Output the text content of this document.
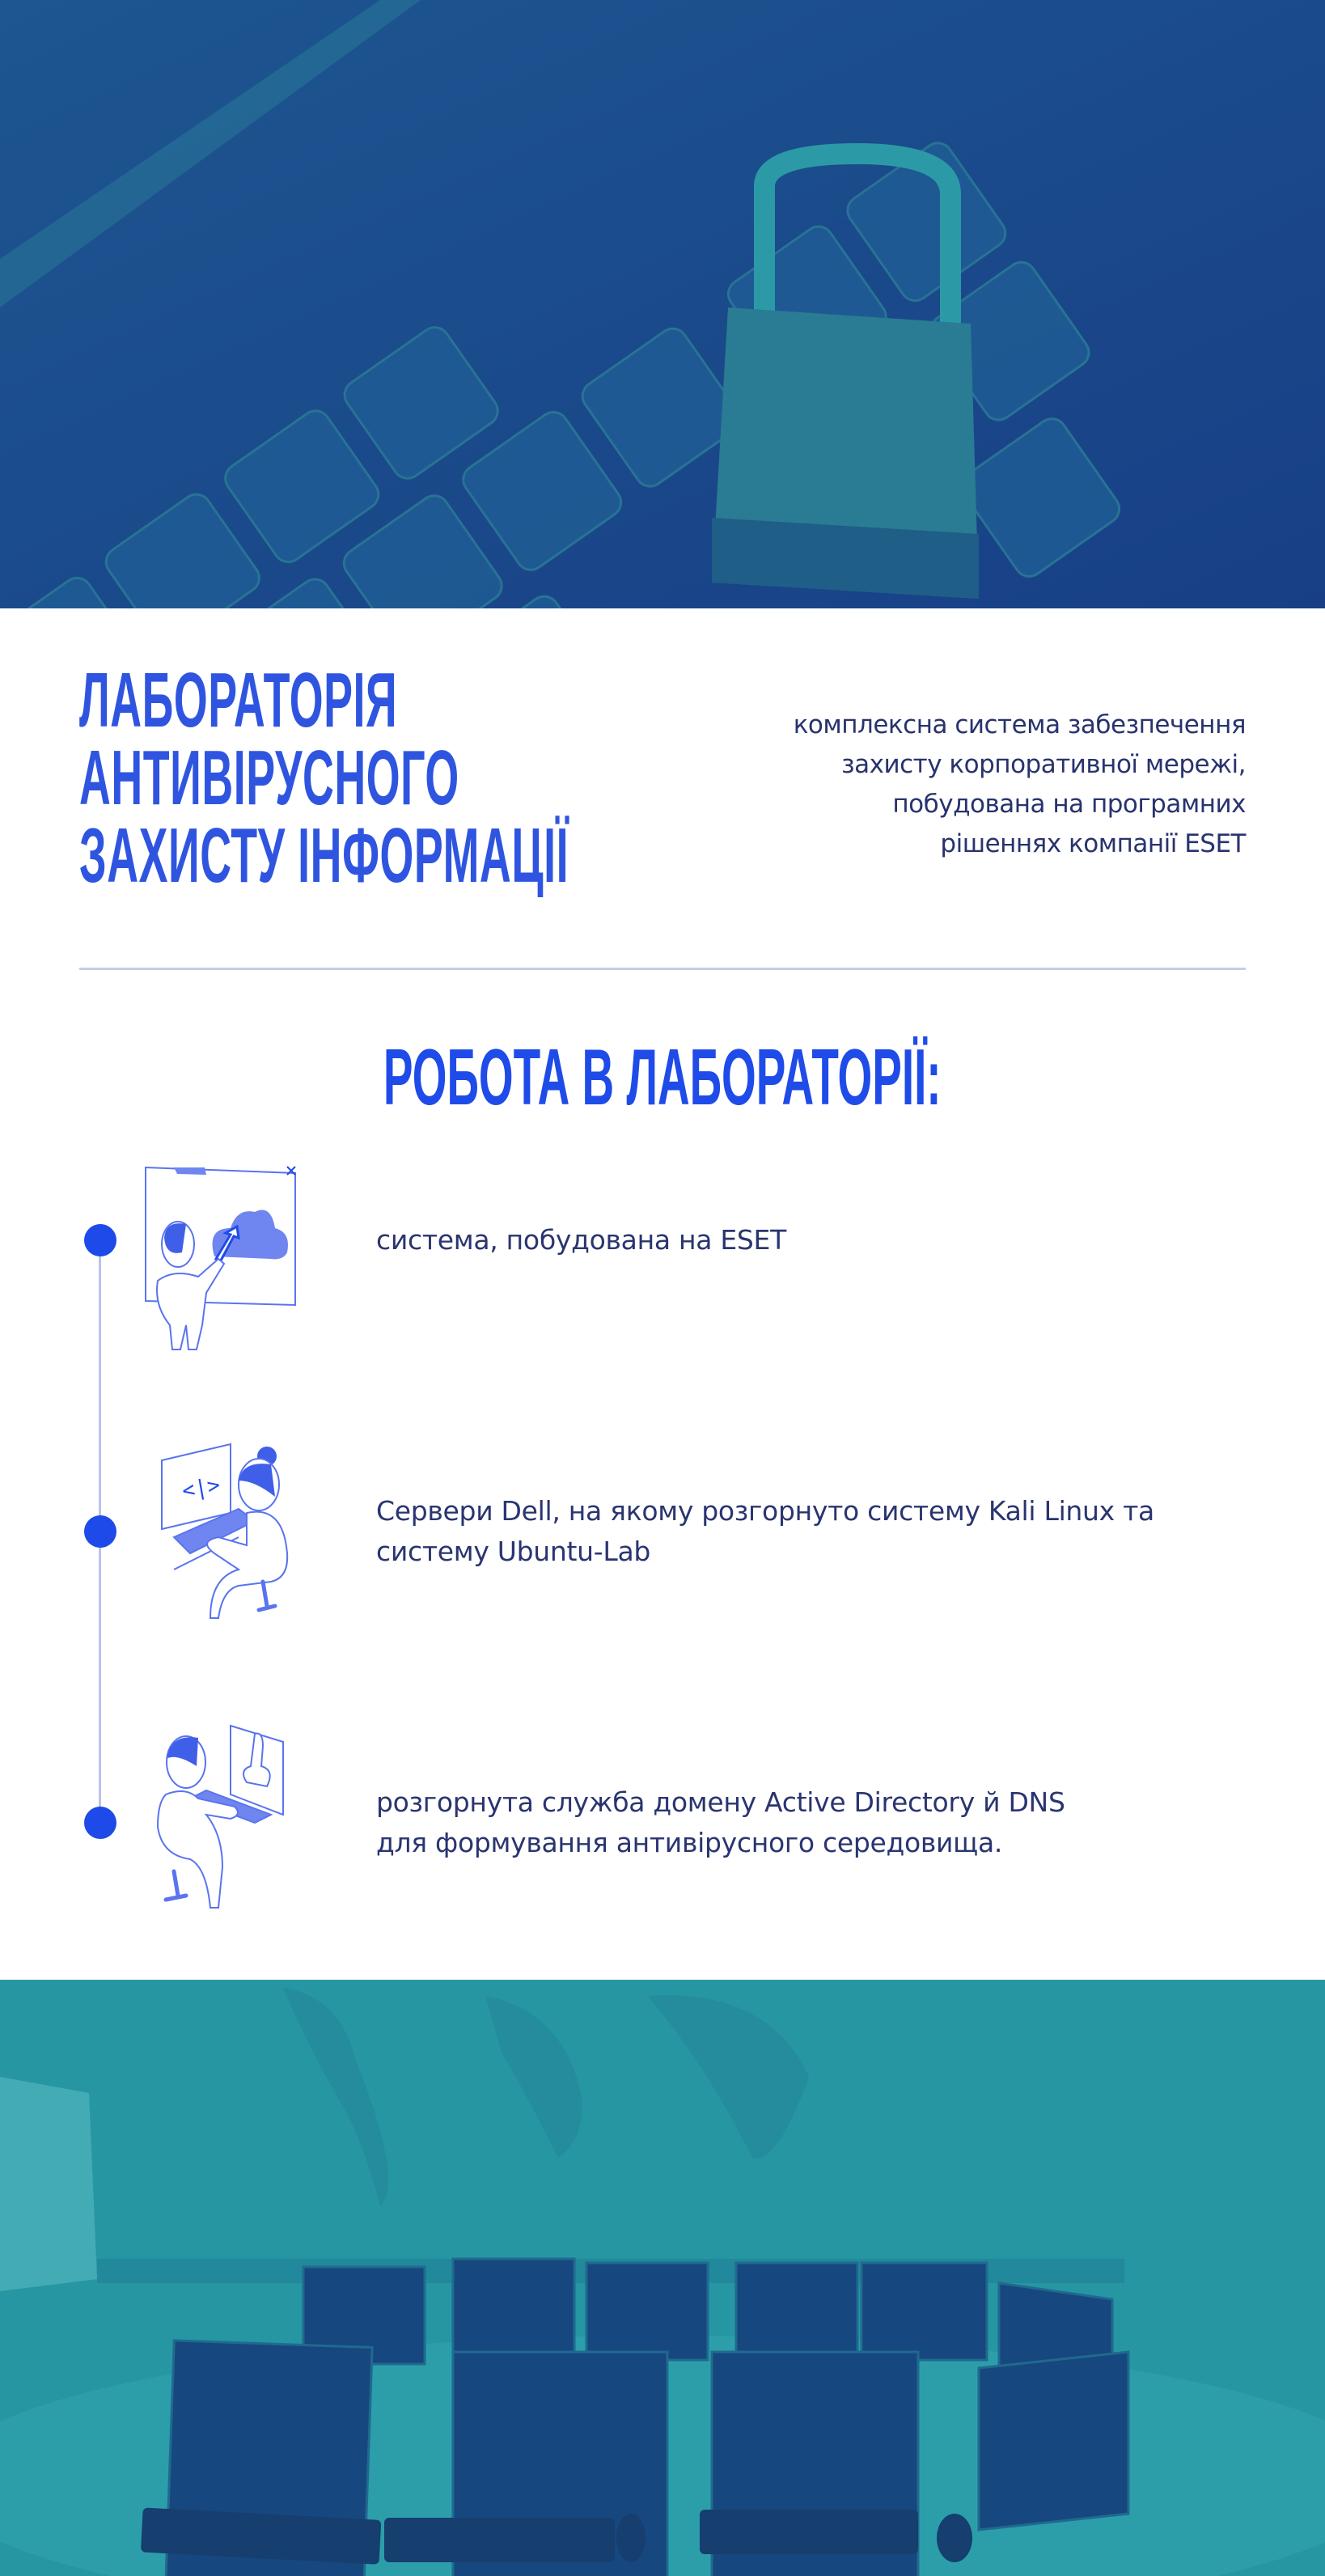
ЛАБОРАТОРІЯ
АНТИВІРУСНОГО
ЗАХИСТУ ІНФОРМАЦІЇ
комплексна система забезпечення
захисту корпоративної мережі,
побудована на програмних
рішеннях компанії ESET
РОБОТА В ЛАБОРАТОРІЇ:
система, побудована на ESET
<|>
Сервери Dell, на якому розгорнуто систему Kali Linux та
систему Ubuntu-Lab
розгорнута служба домену Active Directory й DNS
для формування антивірусного середовища.
